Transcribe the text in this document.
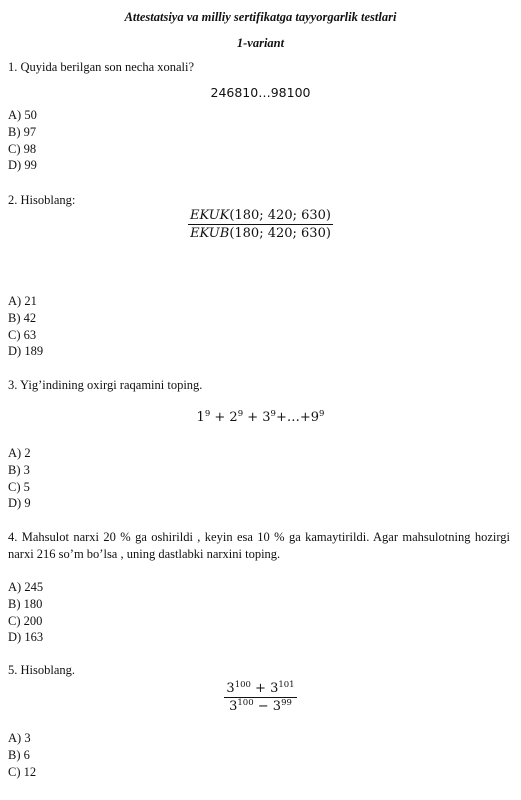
Attestatsiya va milliy sertifikatga tayyorgarlik testlari
1-variant
1. Quyida berilgan son necha xonali?
246810…98100
A) 50
B) 97
C) 98
D) 99
2. Hisoblang:
$\frac{\text{EKUK(180; 420; 630)}}{\text{EKUB(180; 420; 630)}}$
A) 21
B) 42
C) 63
D) 189
3. Yig’indining oxirgi raqamini toping.
$1^9 + 2^9$ + $3^9+\dots+9^9$
A) 2
B) 3
C) 5
D) 9
4. Mahsulot narxi 20 % ga oshirildi , keyin esa 10 % ga kamaytirildi. Agar mahsulotning hozirgi narxi 216 so’m bo’lsa , uning dastlabki narxini toping.
A) 245
B) 180
C) 200
D) 163
5. Hisoblang.
$\frac{3^{100} + 3^{101}}{3^{100} - 3^{99}}$
A) 3
B) 6
C) 12
